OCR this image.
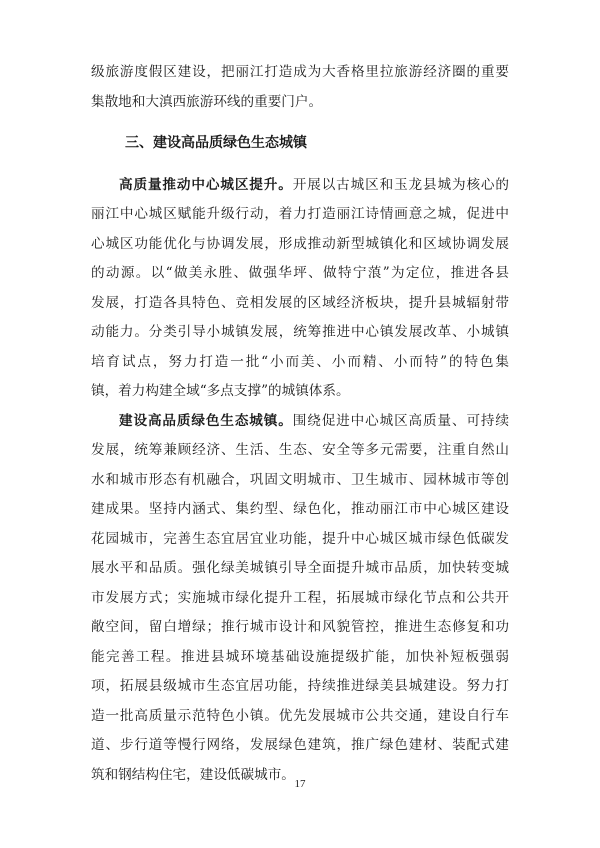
级旅游度假区建设，把丽江打造成为大香格里拉旅游经济圈的重要
集散地和大滇西旅游环线的重要门户。
三、建设高品质绿色生态城镇
高质量推动中心城区提升。开展以古城区和玉龙县城为核心的
丽江中心城区赋能升级行动，着力打造丽江诗情画意之城，促进中
心城区功能优化与协调发展，形成推动新型城镇化和区域协调发展
的动源。以“做美永胜、做强华坪、做特宁蒗”为定位，推进各县
发展，打造各具特色、竞相发展的区域经济板块，提升县城辐射带
动能力。分类引导小城镇发展，统筹推进中心镇发展改革、小城镇
培育试点，努力打造一批“小而美、小而精、小而特”的特色集
镇，着力构建全域“多点支撑”的城镇体系。
建设高品质绿色生态城镇。围绕促进中心城区高质量、可持续
发展，统筹兼顾经济、生活、生态、安全等多元需要，注重自然山
水和城市形态有机融合，巩固文明城市、卫生城市、园林城市等创
建成果。坚持内涵式、集约型、绿色化，推动丽江市中心城区建设
花园城市，完善生态宜居宜业功能，提升中心城区城市绿色低碳发
展水平和品质。强化绿美城镇引导全面提升城市品质，加快转变城
市发展方式；实施城市绿化提升工程，拓展城市绿化节点和公共开
敞空间，留白增绿；推行城市设计和风貌管控，推进生态修复和功
能完善工程。推进县城环境基础设施提级扩能，加快补短板强弱
项，拓展县级城市生态宜居功能，持续推进绿美县城建设。努力打
造一批高质量示范特色小镇。优先发展城市公共交通，建设自行车
道、步行道等慢行网络，发展绿色建筑，推广绿色建材、装配式建
筑和钢结构住宅，建设低碳城市。
17
